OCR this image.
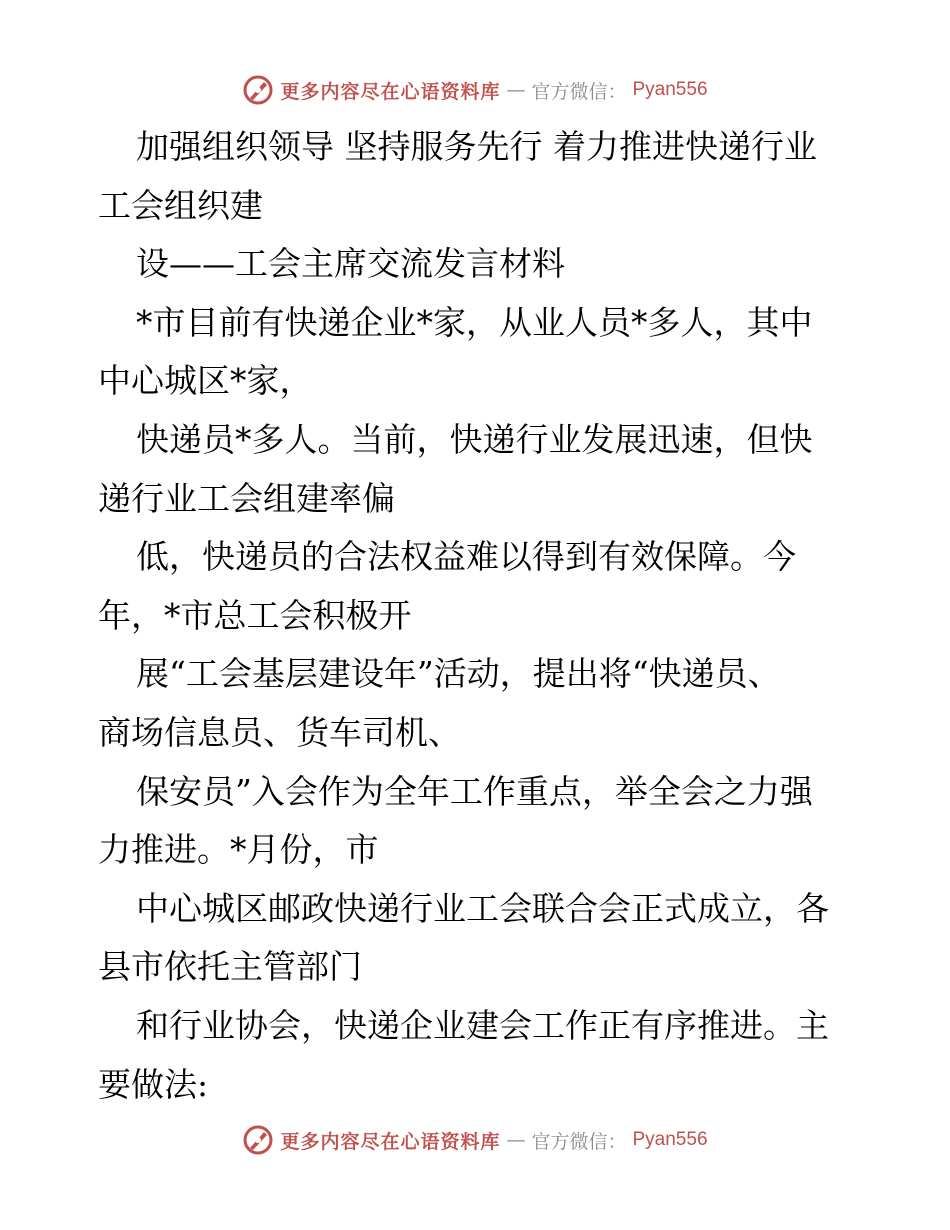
更多内容尽在心语资料库 — 官方微信： Pyan556
加强组织领导 坚持服务先行 着力推进快递行业
工会组织建
设——工会主席交流发言材料
*市目前有快递企业*家，从业人员*多人，其中
中心城区*家，
快递员*多人。当前，快递行业发展迅速，但快
递行业工会组建率偏
低，快递员的合法权益难以得到有效保障。今
年，*市总工会积极开
展“工会基层建设年”活动，提出将“快递员、
商场信息员、货车司机、
保安员”入会作为全年工作重点，举全会之力强
力推进。*月份，市
中心城区邮政快递行业工会联合会正式成立，各
县市依托主管部门
和行业协会，快递企业建会工作正有序推进。主
要做法:
更多内容尽在心语资料库 — 官方微信： Pyan556
